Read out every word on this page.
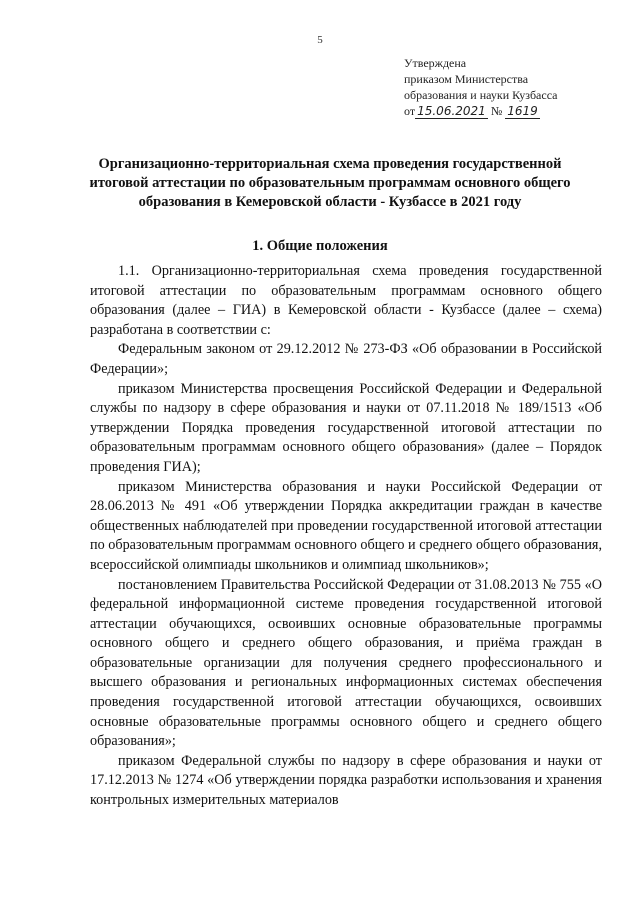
5
Утверждена
приказом Министерства
образования и науки Кузбасса
от 15.06.2021 № 1619
Организационно-территориальная схема проведения государственной итоговой аттестации по образовательным программам основного общего образования в Кемеровской области - Кузбассе в 2021 году
1. Общие положения

1.1. Организационно-территориальная схема проведения государственной итоговой аттестации по образовательным программам основного общего образования (далее – ГИА) в Кемеровской области - Кузбассе (далее – схема) разработана в соответствии с:

Федеральным законом от 29.12.2012 № 273-ФЗ «Об образовании в Российской Федерации»;

приказом Министерства просвещения Российской Федерации и Федеральной службы по надзору в сфере образования и науки от 07.11.2018 № 189/1513 «Об утверждении Порядка проведения государственной итоговой аттестации по образовательным программам основного общего образования» (далее – Порядок проведения ГИА);

приказом Министерства образования и науки Российской Федерации от 28.06.2013 № 491 «Об утверждении Порядка аккредитации граждан в качестве общественных наблюдателей при проведении государственной итоговой аттестации по образовательным программам основного общего и среднего общего образования, всероссийской олимпиады школьников и олимпиад школьников»;

постановлением Правительства Российской Федерации от 31.08.2013 № 755 «О федеральной информационной системе проведения государственной итоговой аттестации обучающихся, освоивших основные образовательные программы основного общего и среднего общего образования, и приёма граждан в образовательные организации для получения среднего профессионального и высшего образования и региональных информационных системах обеспечения проведения государственной итоговой аттестации обучающихся, освоивших основные образовательные программы основного общего и среднего общего образования»;

приказом Федеральной службы по надзору в сфере образования и науки от 17.12.2013 № 1274 «Об утверждении порядка разработки использования и хранения контрольных измерительных материалов
